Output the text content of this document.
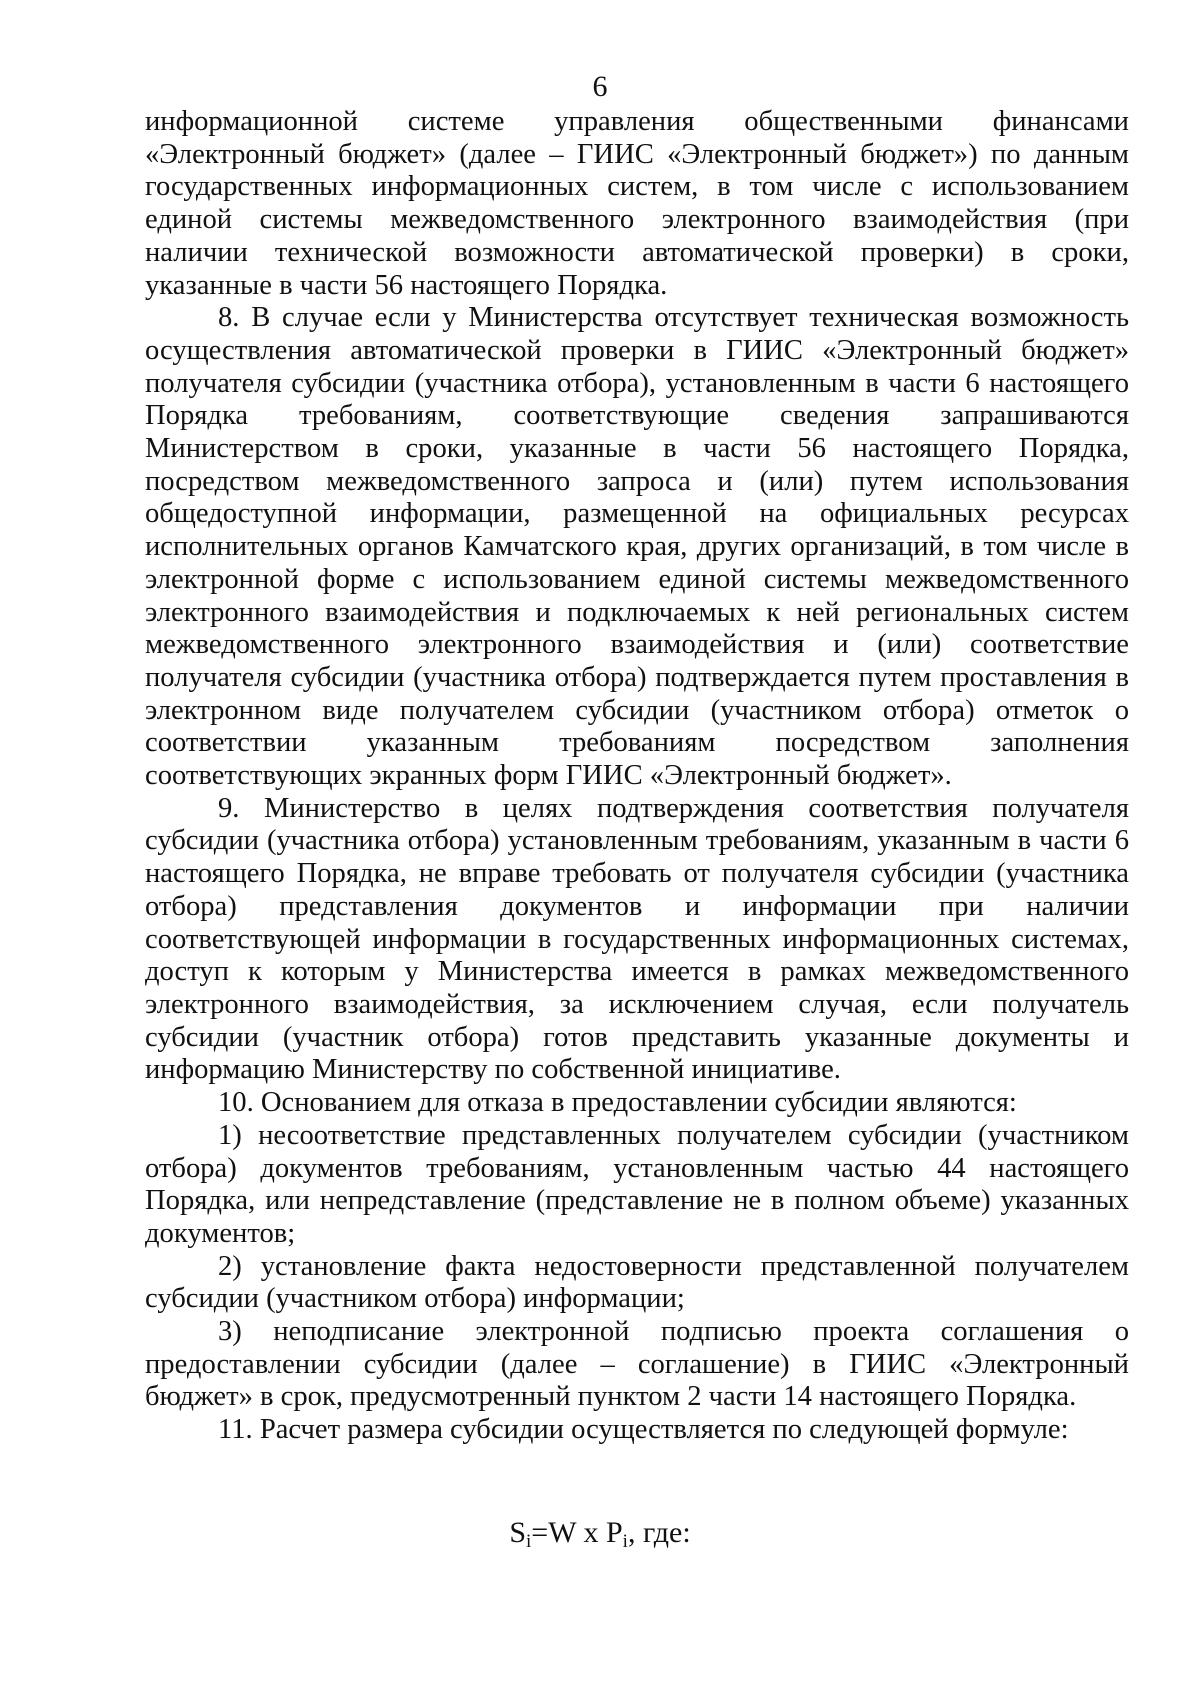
6

информационной системе управления общественными финансами «Электронный бюджет» (далее – ГИИС «Электронный бюджет») по данным государственных информационных систем, в том числе с использованием единой системы межведомственного электронного взаимодействия (при наличии технической возможности автоматической проверки) в сроки, указанные в части 56 настоящего Порядка.

8. В случае если у Министерства отсутствует техническая возможность осуществления автоматической проверки в ГИИС «Электронный бюджет» получателя субсидии (участника отбора), установленным в части 6 настоящего Порядка требованиям, соответствующие сведения запрашиваются Министерством в сроки, указанные в части 56 настоящего Порядка, посредством межведомственного запроса и (или) путем использования общедоступной информации, размещенной на официальных ресурсах исполнительных органов Камчатского края, других организаций, в том числе в электронной форме с использованием единой системы межведомственного электронного взаимодействия и подключаемых к ней региональных систем межведомственного электронного взаимодействия и (или) соответствие получателя субсидии (участника отбора) подтверждается путем проставления в электронном виде получателем субсидии (участником отбора) отметок о соответствии указанным требованиям посредством заполнения соответствующих экранных форм ГИИС «Электронный бюджет».

9. Министерство в целях подтверждения соответствия получателя субсидии (участника отбора) установленным требованиям, указанным в части 6 настоящего Порядка, не вправе требовать от получателя субсидии (участника отбора) представления документов и информации при наличии соответствующей информации в государственных информационных системах, доступ к которым у Министерства имеется в рамках межведомственного электронного взаимодействия, за исключением случая, если получатель субсидии (участник отбора) готов представить указанные документы и информацию Министерству по собственной инициативе.

10. Основанием для отказа в предоставлении субсидии являются:

1) несоответствие представленных получателем субсидии (участником отбора) документов требованиям, установленным частью 44 настоящего Порядка, или непредставление (представление не в полном объеме) указанных документов;

2) установление факта недостоверности представленной получателем субсидии (участником отбора) информации;

3) неподписание электронной подписью проекта соглашения о предоставлении субсидии (далее – соглашение) в ГИИС «Электронный бюджет» в срок, предусмотренный пунктом 2 части 14 настоящего Порядка.

11. Расчет размера субсидии осуществляется по следующей формуле:

$S_i=W$ x $P_i$, где:
